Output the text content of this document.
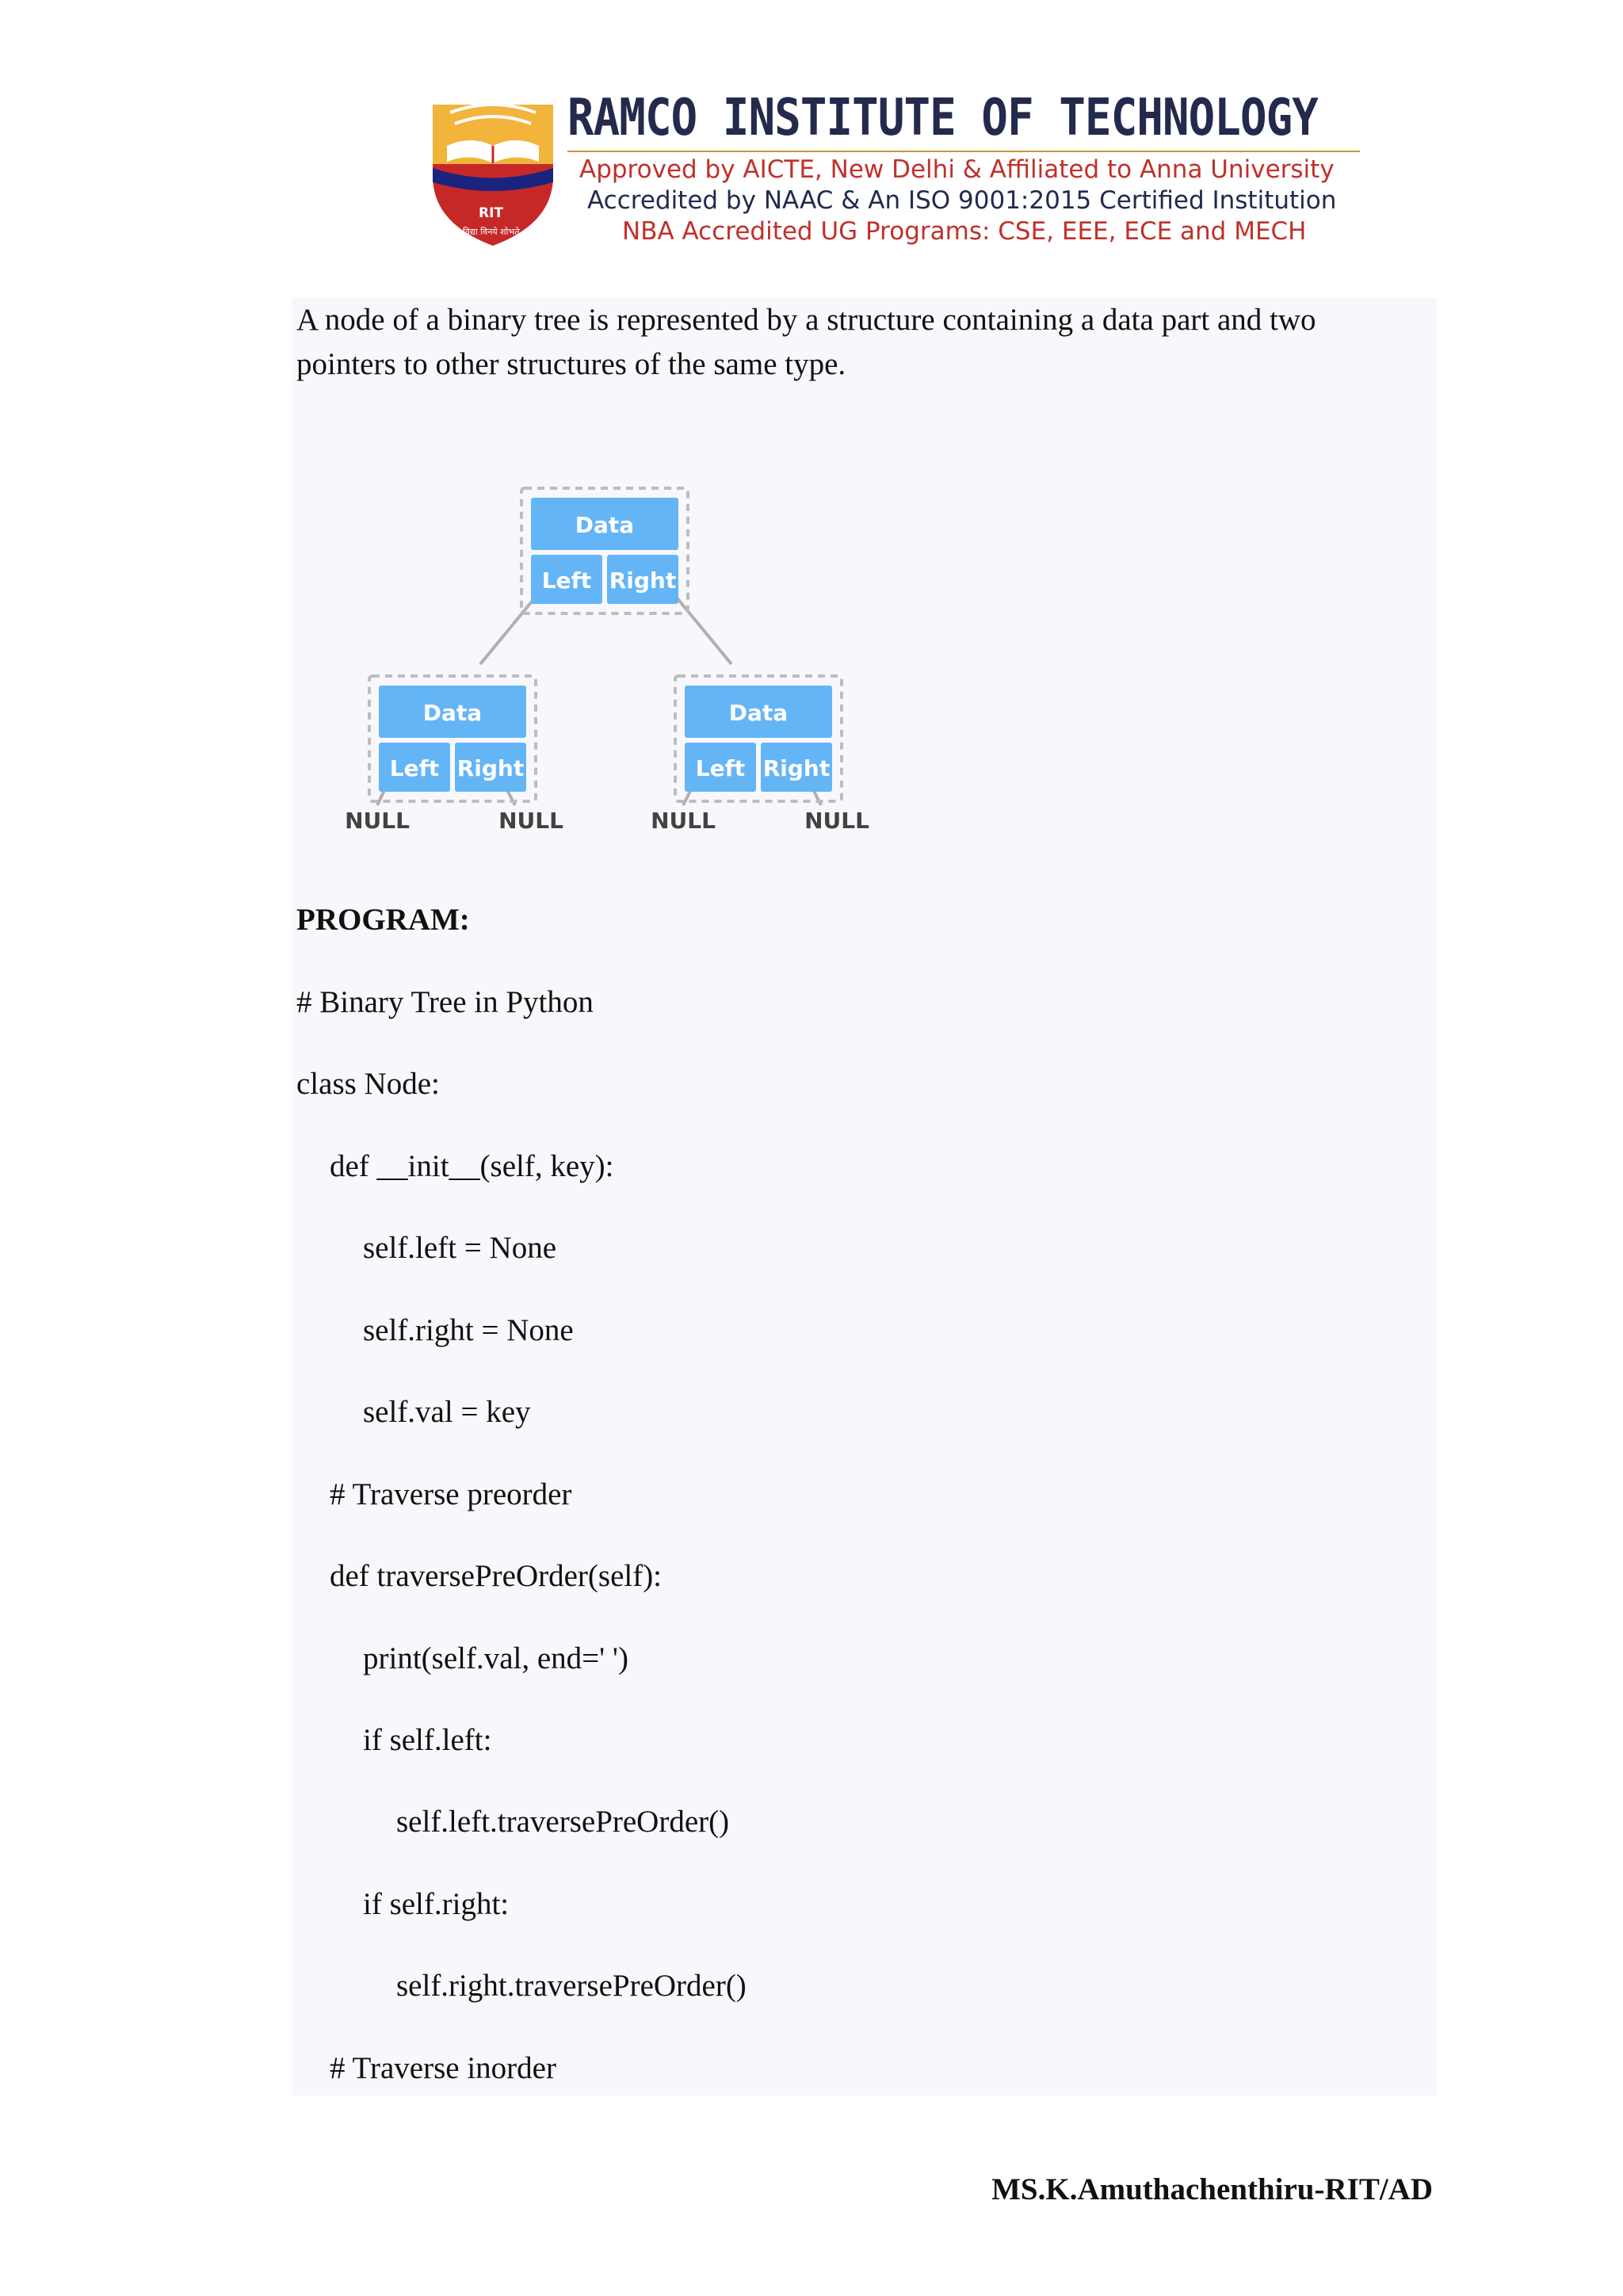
RIT
विद्या विनये शोभते
RAMCO INSTITUTE OF TECHNOLOGY
Approved by AICTE, New Delhi & Affiliated to Anna University
Accredited by NAAC & An ISO 9001:2015 Certified Institution
NBA Accredited UG Programs: CSE, EEE, ECE and MECH

A node of a binary tree is represented by a structure containing a data part and two pointers to other structures of the same type.

Data
Left Right
Data
Left Right
Data
Left Right
NULL	NULL	NULL	NULL

PROGRAM:

# Binary Tree in Python

class Node:

def __init__(self, key):

self.left = None

self.right = None

self.val = key

# Traverse preorder

def traversePreOrder(self):

print(self.val, end=' ')

if self.left:

self.left.traversePreOrder()

if self.right:

self.right.traversePreOrder()

# Traverse inorder

MS.K.Amuthachenthiru-RIT/AD
